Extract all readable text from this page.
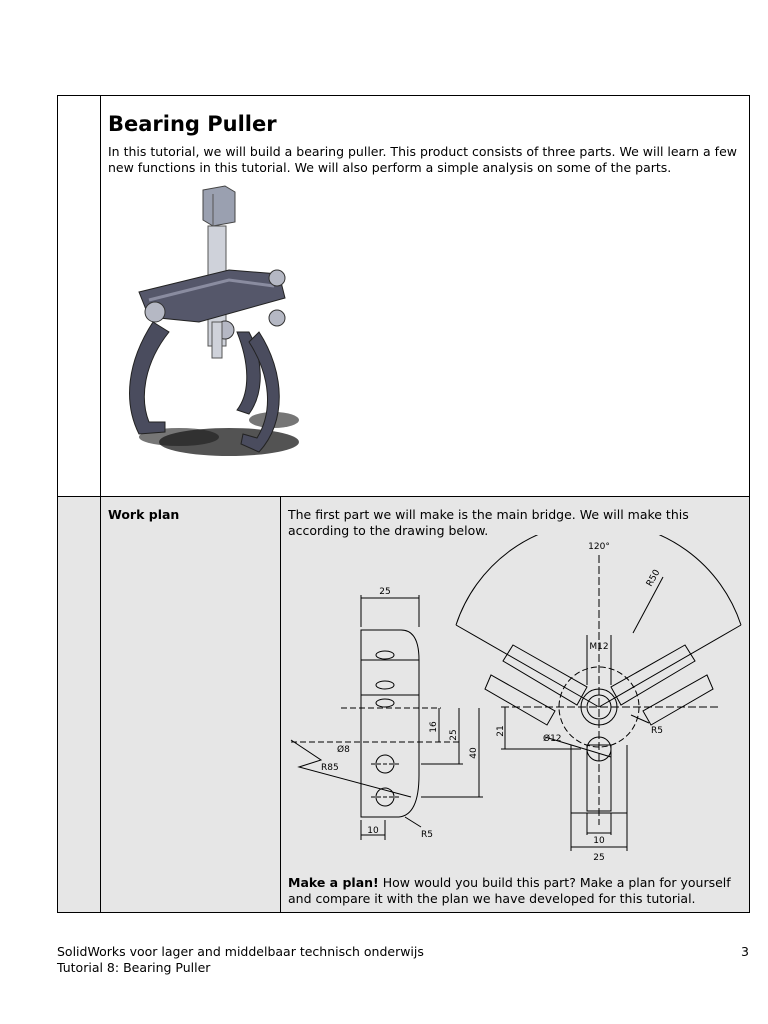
Bearing Puller
In this tutorial, we will build a bearing puller. This product consists of three parts. We will learn a few new functions in this tutorial. We will also perform a simple analysis on some of the parts.
Work plan	The first part we will make is the main bridge. We will make this according to the drawing below.
25
16
25
40
Ø8
R85
10	R5
120°
R50
M12
21
Ø12
R5
10
25
Make a plan! How would you build this part? Make a plan for yourself and compare it with the plan we have developed for this tutorial.
SolidWorks voor lager and middelbaar technisch onderwijs
Tutorial 8: Bearing Puller
3
